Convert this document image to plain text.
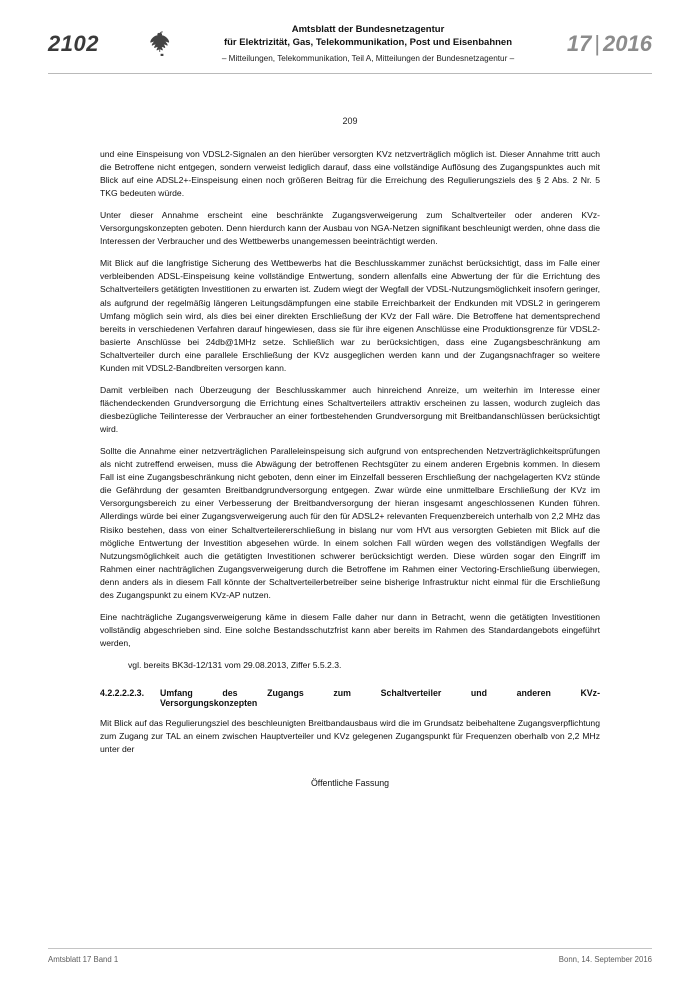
2102
Amtsblatt der Bundesnetzagentur
für Elektrizität, Gas, Telekommunikation, Post und Eisenbahnen
– Mitteilungen, Telekommunikation, Teil A, Mitteilungen der Bundesnetzagentur –
17 | 2016
209

und eine Einspeisung von VDSL2-Signalen an den hierüber versorgten KVz netzverträglich möglich ist. Dieser Annahme tritt auch die Betroffene nicht entgegen, sondern verweist lediglich darauf, dass eine vollständige Auflösung des Zugangspunktes auch mit Blick auf eine ADSL2+-Einspeisung einen noch größeren Beitrag für die Erreichung des Regulierungsziels des § 2 Abs. 2 Nr. 5 TKG bedeuten würde.

Unter dieser Annahme erscheint eine beschränkte Zugangsverweigerung zum Schaltverteiler oder anderen KVz-Versorgungskonzepten geboten. Denn hierdurch kann der Ausbau von NGA-Netzen signifikant beschleunigt werden, ohne dass die Interessen der Verbraucher und des Wettbewerbs unangemessen beeinträchtigt werden.

Mit Blick auf die langfristige Sicherung des Wettbewerbs hat die Beschlusskammer zunächst berücksichtigt, dass im Falle einer verbleibenden ADSL-Einspeisung keine vollständige Entwertung, sondern allenfalls eine Abwertung der für die Errichtung des Schaltverteilers getätigten Investitionen zu erwarten ist. Zudem wiegt der Wegfall der VDSL-Nutzungsmöglichkeit insofern geringer, als aufgrund der regelmäßig längeren Leitungsdämpfungen eine stabile Erreichbarkeit der Endkunden mit VDSL2 in geringerem Umfang möglich sein wird, als dies bei einer direkten Erschließung der KVz der Fall wäre. Die Betroffene hat dementsprechend bereits in verschiedenen Verfahren darauf hingewiesen, dass sie für ihre eigenen Anschlüsse eine Produktionsgrenze für VDSL2-basierte Anschlüsse bei 24db@1MHz setze. Schließlich war zu berücksichtigen, dass eine Zugangsbeschränkung am Schaltverteiler durch eine parallele Erschließung der KVz ausgeglichen werden kann und der Zugangsnachfrager so weitere Kunden mit VDSL2-Bandbreiten versorgen kann.

Damit verbleiben nach Überzeugung der Beschlusskammer auch hinreichend Anreize, um weiterhin im Interesse einer flächendeckenden Grundversorgung die Errichtung eines Schaltverteilers attraktiv erscheinen zu lassen, wodurch zugleich das diesbezügliche Teilinteresse der Verbraucher an einer fortbestehenden Grundversorgung mit Breitbandanschlüssen berücksichtigt wird.

Sollte die Annahme einer netzverträglichen Paralleleinspeisung sich aufgrund von entsprechenden Netzverträglichkeitsprüfungen als nicht zutreffend erweisen, muss die Abwägung der betroffenen Rechtsgüter zu einem anderen Ergebnis kommen. In diesem Fall ist eine Zugangsbeschränkung nicht geboten, denn einer im Einzelfall besseren Erschließung der nachgelagerten KVz stünde die Gefährdung der gesamten Breitbandgrundversorgung entgegen. Zwar würde eine unmittelbare Erschließung der KVz im Versorgungsbereich zu einer Verbesserung der Breitbandversorgung der hieran insgesamt angeschlossenen Kunden führen. Allerdings würde bei einer Zugangsverweigerung auch für den für ADSL2+ relevanten Frequenzbereich unterhalb von 2,2 MHz das Risiko bestehen, dass von einer Schaltverteilererschließung in bislang nur vom HVt aus versorgten Gebieten mit Blick auf die mögliche Entwertung der Investition abgesehen würde. In einem solchen Fall würden wegen des vollständigen Wegfalls der Nutzungsmöglichkeit auch die getätigten Investitionen schwerer berücksichtigt werden. Diese würden sogar den Eingriff im Rahmen einer nachträglichen Zugangsverweigerung durch die Betroffene im Rahmen einer Vectoring-Erschließung überwiegen, denn anders als in diesem Fall könnte der Schaltverteilerbetreiber seine bisherige Infrastruktur nicht einmal für die Erschließung des Zugangspunkt zu einem KVz-AP nutzen.

Eine nachträgliche Zugangsverweigerung käme in diesem Falle daher nur dann in Betracht, wenn die getätigten Investitionen vollständig abgeschrieben sind. Eine solche Bestandsschutzfrist kann aber bereits im Rahmen des Standardangebots eingeführt werden,

vgl. bereits BK3d-12/131 vom 29.08.2013, Ziffer 5.5.2.3.

4.2.2.2.2.3.	Umfang des Zugangs zum Schaltverteiler und anderen KVz-
Versorgungskonzepten

Mit Blick auf das Regulierungsziel des beschleunigten Breitbandausbaus wird die im Grundsatz beibehaltene Zugangsverpflichtung zum Zugang zur TAL an einem zwischen Hauptverteiler und KVz gelegenen Zugangspunkt für Frequenzen oberhalb von 2,2 MHz unter der

Öffentliche Fassung
Amtsblatt 17 Band 1	Bonn, 14. September 2016
